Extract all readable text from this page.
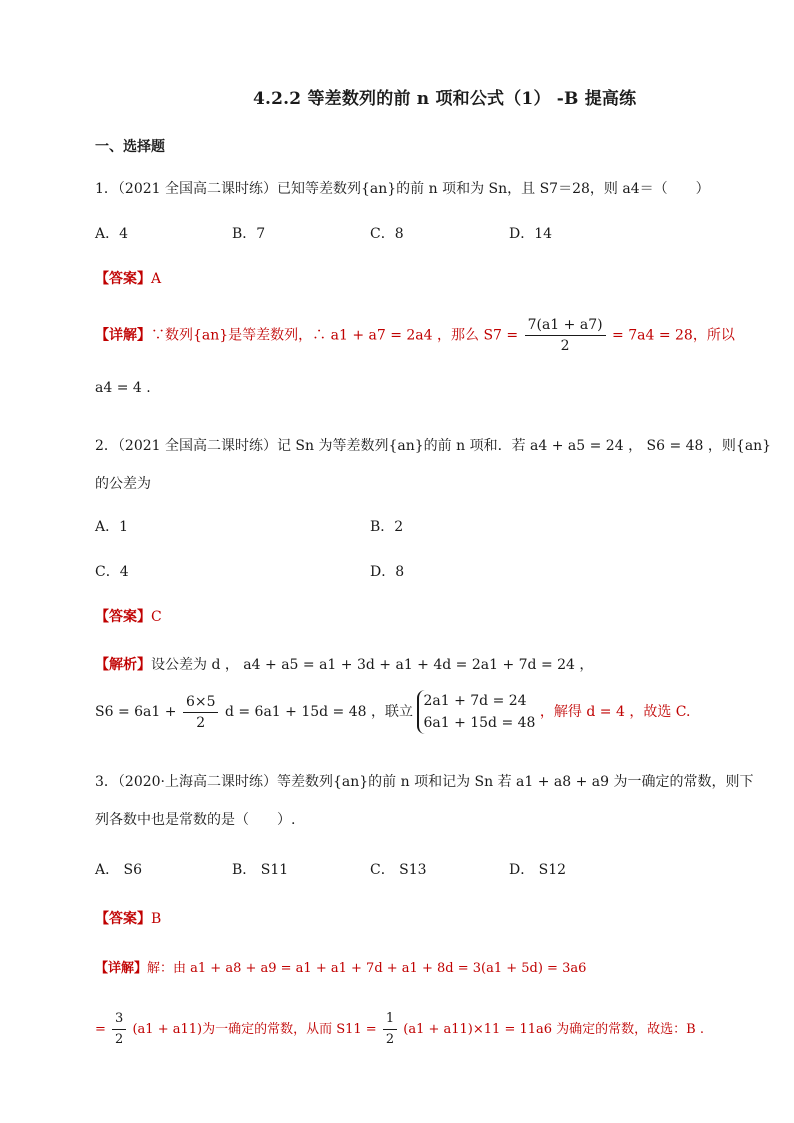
4.2.2 等差数列的前 n 项和公式（1） -B 提高练
一、选择题
1．（2021 全国高二课时练）已知等差数列{an}的前 n 项和为 Sn，且 S7＝28，则 a4＝（　　）
A．4	B．7	C．8	D．14
【答案】A
【详解】∵数列{an}是等差数列，∴ a1 + a7 = 2a4 ，那么 $S7 = \frac{7(a1 + a7)}{2} = 7a4 = 28$，所以
a4 = 4 .
2．（2021 全国高二课时练）记 Sn 为等差数列{an}的前 n 项和．若 a4 + a5 = 24 ， S6 = 48 ，则{an}
的公差为
A．1	B．2
C．4	D．8
【答案】C
【解析】设公差为 d ， a4 + a5 = a1 + 3d + a1 + 4d = 2a1 + 7d = 24 ，
$S6 = 6a1 + \frac{6\times 5}{2}$ d = 6a1 + 15d = 48 ，联立
2a1 + 7d = 24
6a1 + 15d = 48
，解得 d = 4 ，故选 C.
3．（2020·上海高二课时练）等差数列{an}的前 n 项和记为 Sn 若 a1 + a8 + a9 为一确定的常数，则下
列各数中也是常数的是（　　）.
A． S6	B． S11	C． S13	D． S12
【答案】B
【详解】解：由 a1 + a8 + a9 = a1 + a1 + 7d + a1 + 8d = 3(a1 + 5d) = 3a6
= $\frac{3}{2} (a1 + a11)$为一确定的常数，从而 $S11 = \frac{1}{2} (a1 + a11)\times 11 = 11a6$ 为确定的常数，故选：B .
